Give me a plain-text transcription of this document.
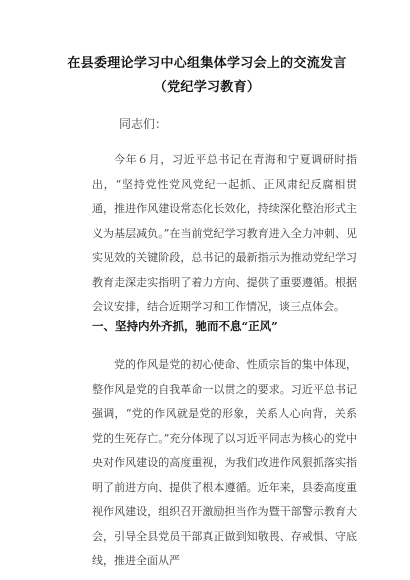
在县委理论学习中心组集体学习会上的交流发言（党纪学习教育）
同志们：

今年６月，习近平总书记在青海和宁夏调研时指出，“坚持党性党风党纪一起抓、正风肃纪反腐相贯通，推进作风建设常态化长效化，持续深化整治形式主义为基层减负。”在当前党纪学习教育进入全力冲刺、见实见效的关键阶段，总书记的最新指示为推动党纪学习教育走深走实指明了着力方向、提供了重要遵循。根据会议安排，结合近期学习和工作情况，谈三点体会。

一、坚持内外齐抓，驰而不息“正风”

党的作风是党的初心使命、性质宗旨的集中体现，整作风是党的自我革命一以贯之的要求。习近平总书记强调，“党的作风就是党的形象，关系人心向背，关系党的生死存亡。”充分体现了以习近平同志为核心的党中央对作风建设的高度重视，为我们改进作风狠抓落实指明了前进方向、提供了根本遵循。近年来，县委高度重视作风建设，组织召开激励担当作为暨干部警示教育大会，引导全县党员干部真正做到知敬畏、存戒惧、守底线，推进全面从严
